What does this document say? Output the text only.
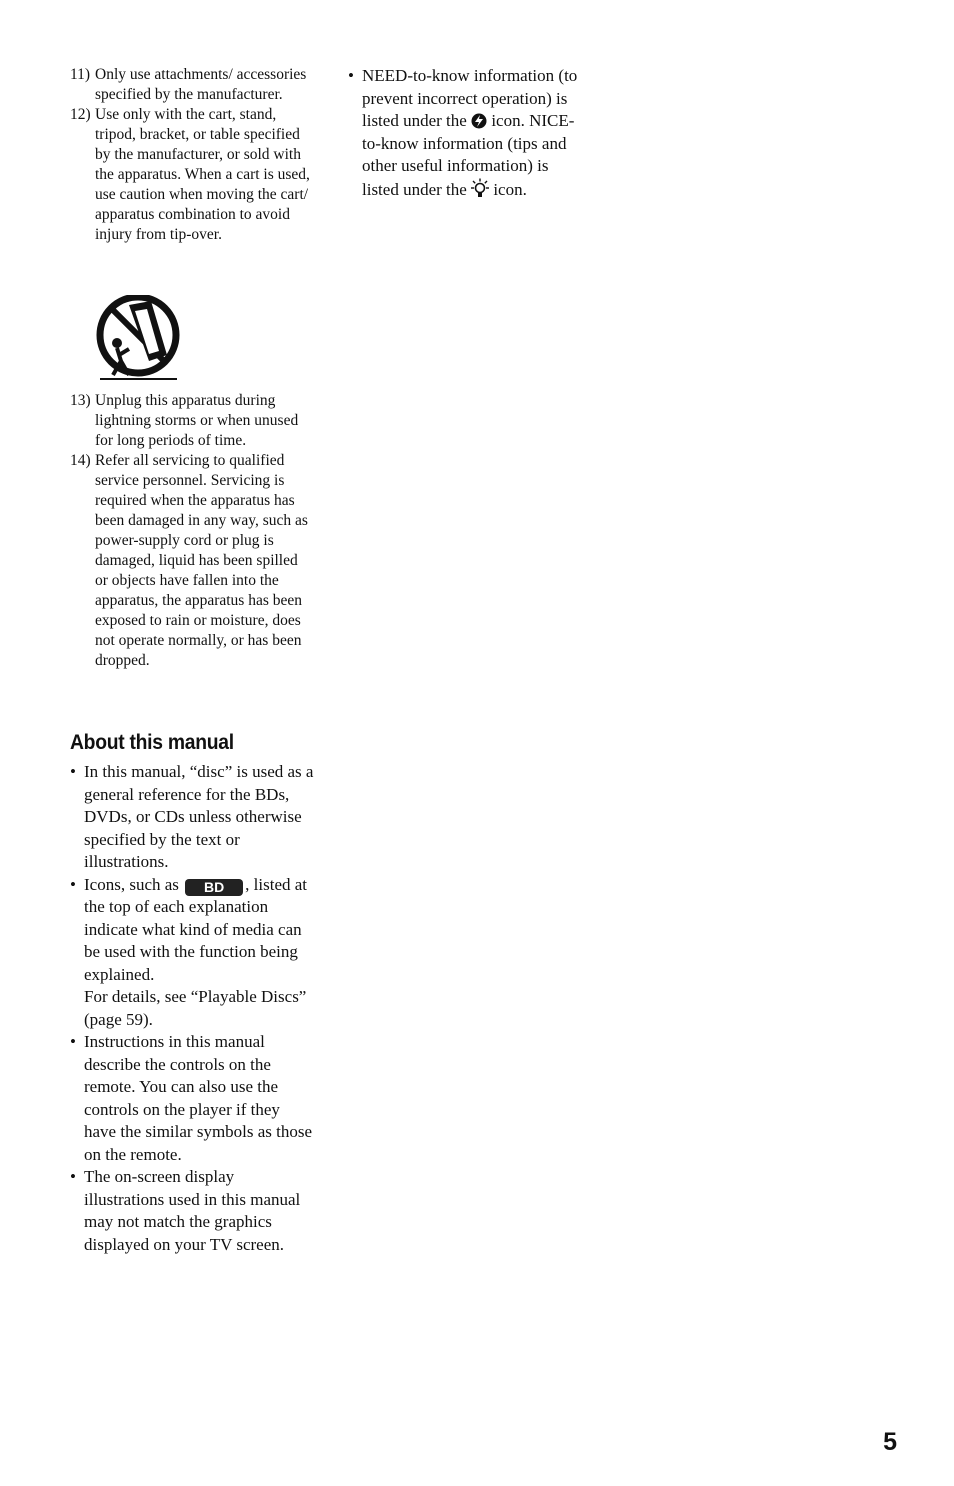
11) Only use attachments/ accessories specified by the manufacturer.
12) Use only with the cart, stand, tripod, bracket, or table specified by the manufacturer, or sold with the apparatus. When a cart is used, use caution when moving the cart/ apparatus combination to avoid injury from tip-over.
13) Unplug this apparatus during lightning storms or when unused for long periods of time.
14) Refer all servicing to qualified service personnel. Servicing is required when the apparatus has been damaged in any way, such as power-supply cord or plug is damaged, liquid has been spilled or objects have fallen into the apparatus, the apparatus has been exposed to rain or moisture, does not operate normally, or has been dropped.
About this manual
• In this manual, “disc” is used as a general reference for the BDs, DVDs, or CDs unless otherwise specified by the text or illustrations.
• Icons, such as BD , listed at the top of each explanation indicate what kind of media can be used with the function being explained.
For details, see “Playable Discs” (page 59).
• Instructions in this manual describe the controls on the remote. You can also use the controls on the player if they have the similar symbols as those on the remote.
• The on-screen display illustrations used in this manual may not match the graphics displayed on your TV screen.
• NEED-to-know information (to prevent incorrect operation) is listed under the icon. NICE-to-know information (tips and other useful information) is listed under the icon.
5
